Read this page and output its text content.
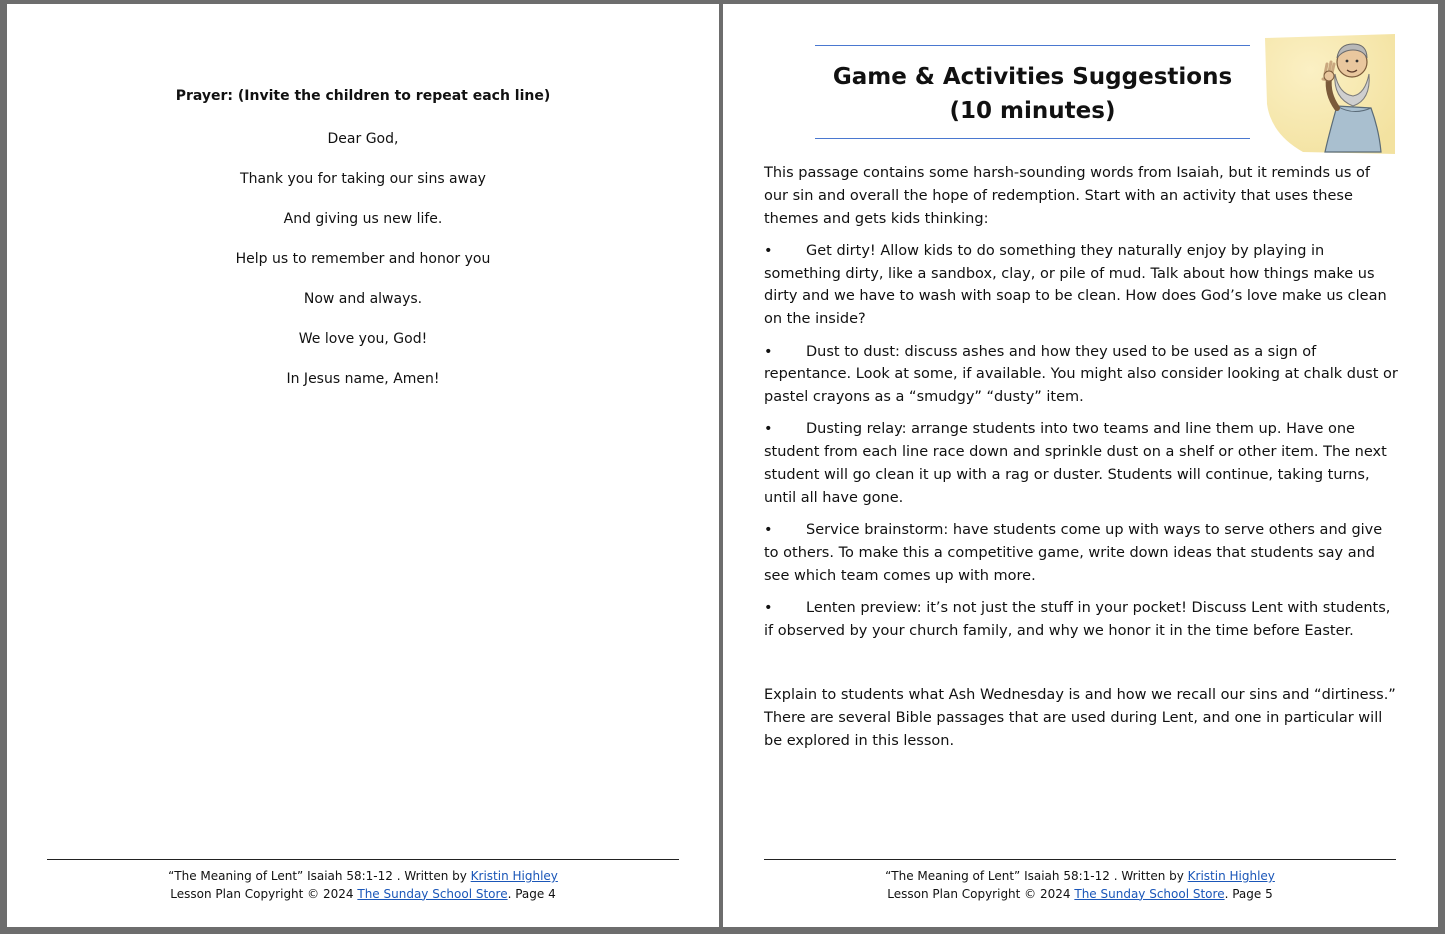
Prayer: (Invite the children to repeat each line)
Dear God,
Thank you for taking our sins away
And giving us new life.
Help us to remember and honor you
Now and always.
We love you, God!
In Jesus name, Amen!
“The Meaning of Lent” Isaiah 58:1-12 . Written by Kristin Highley
Lesson Plan Copyright © 2024 The Sunday School Store. Page 4
Game & Activities Suggestions
(10 minutes)

This passage contains some harsh-sounding words from Isaiah, but it reminds us of our sin and overall the hope of redemption. Start with an activity that uses these themes and gets kids thinking:

• Get dirty! Allow kids to do something they naturally enjoy by playing in something dirty, like a sandbox, clay, or pile of mud. Talk about how things make us dirty and we have to wash with soap to be clean. How does God’s love make us clean on the inside?

• Dust to dust: discuss ashes and how they used to be used as a sign of repentance. Look at some, if available. You might also consider looking at chalk dust or pastel crayons as a “smudgy” “dusty” item.

• Dusting relay: arrange students into two teams and line them up. Have one student from each line race down and sprinkle dust on a shelf or other item. The next student will go clean it up with a rag or duster. Students will continue, taking turns, until all have gone.

• Service brainstorm: have students come up with ways to serve others and give to others. To make this a competitive game, write down ideas that students say and see which team comes up with more.

• Lenten preview: it’s not just the stuff in your pocket! Discuss Lent with students, if observed by your church family, and why we honor it in the time before Easter.

Explain to students what Ash Wednesday is and how we recall our sins and “dirtiness.” There are several Bible passages that are used during Lent, and one in particular will be explored in this lesson.

“The Meaning of Lent” Isaiah 58:1-12 . Written by Kristin Highley
Lesson Plan Copyright © 2024 The Sunday School Store. Page 5
